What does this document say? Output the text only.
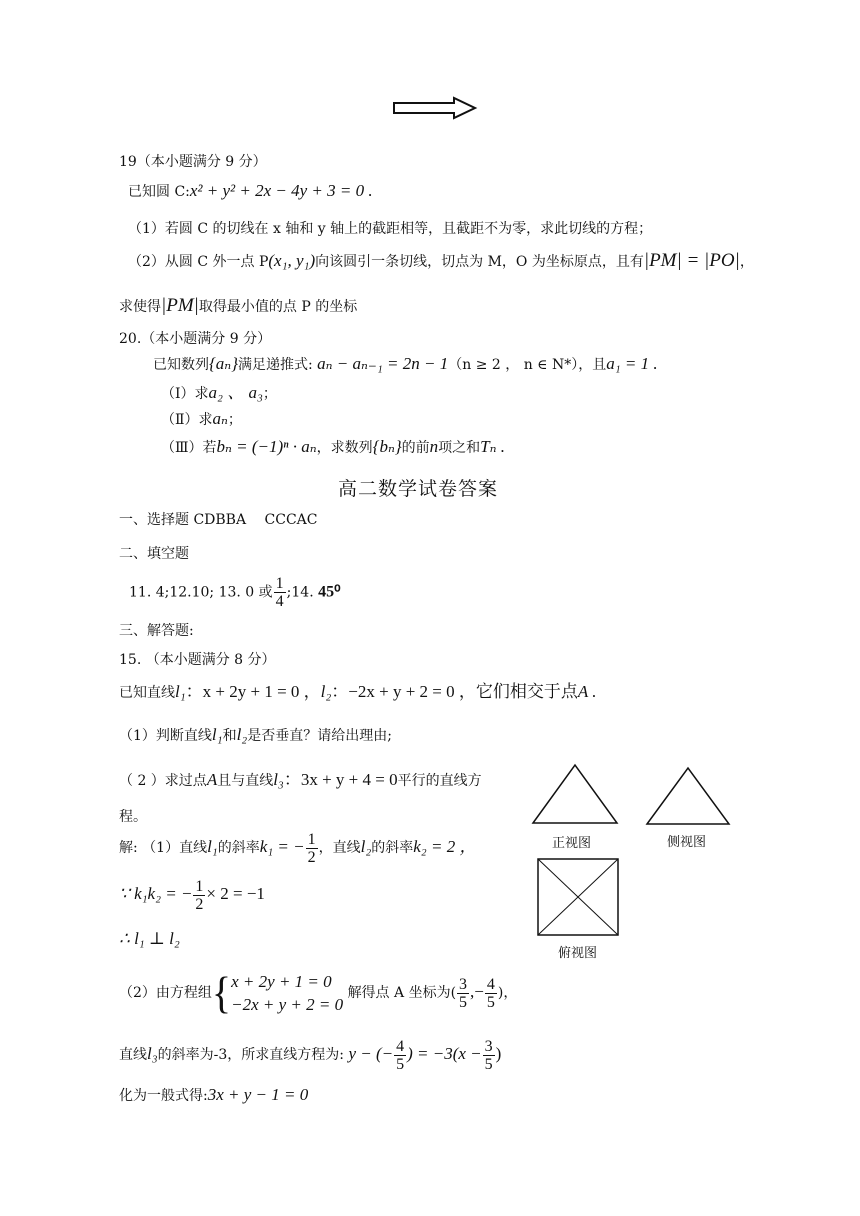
19（本小题满分 9 分）
已知圆 C:x² + y² + 2x − 4y + 3 = 0 .
（1）若圆 C 的切线在 x 轴和 y 轴上的截距相等，且截距不为零，求此切线的方程；
（2）从圆 C 外一点 P(x₁, y₁)向该圆引一条切线，切点为 M，O 为坐标原点，且有|PM| = |PO|，
求使得|PM|取得最小值的点 P 的坐标
20.（本小题满分 9 分）
已知数列{aₙ}满足递推式: aₙ − aₙ₋₁ = 2n − 1（n ≥ 2 ， n ∈ N*），且a₁ = 1 .
（Ⅰ）求a₂ 、 a₃；
（Ⅱ）求aₙ；
（Ⅲ）若bₙ = (−1)ⁿ · aₙ，求数列{bₙ}的前n项之和Tₙ .
高二数学试卷答案
一、选择题 CDBBA　 CCCAC
二、填空题
11. 4;12.10; 13. 0 或 $\frac{1}{4}$ ;14. 45⁰
三、解答题:
15. （本小题满分 8 分）
已知直线l₁：x + 2y + 1 = 0 ，l₂：−2x + y + 2 = 0 ，它们相交于点A .
（1）判断直线l₁和l₂是否垂直？请给出理由;
（ 2 ）求过点A且与直线l₃：3x + y + 4 = 0平行的直线方
程。
解: （1）直线l₁的斜率k₁ = − $\frac{1}{2}$ ，直线l₂的斜率k₂ = 2 ，
∵ k₁k₂ = − $\frac{1}{2} \times 2 = -1$
∴ l₁ ⊥ l₂
（2）由方程组{ x + 2y + 1 = 0
−2x + y + 2 = 0
解得点 A 坐标为( $\frac{3}{5}$ ,− $\frac{4}{5}$ )，
直线l₃的斜率为-3，所求直线方程为: y − (− $\frac{4}{5}$ ) = $-3(x - \frac{3}{5}$ )
化为一般式得:3x + y − 1 = 0
正视图	侧视图
俯视图
